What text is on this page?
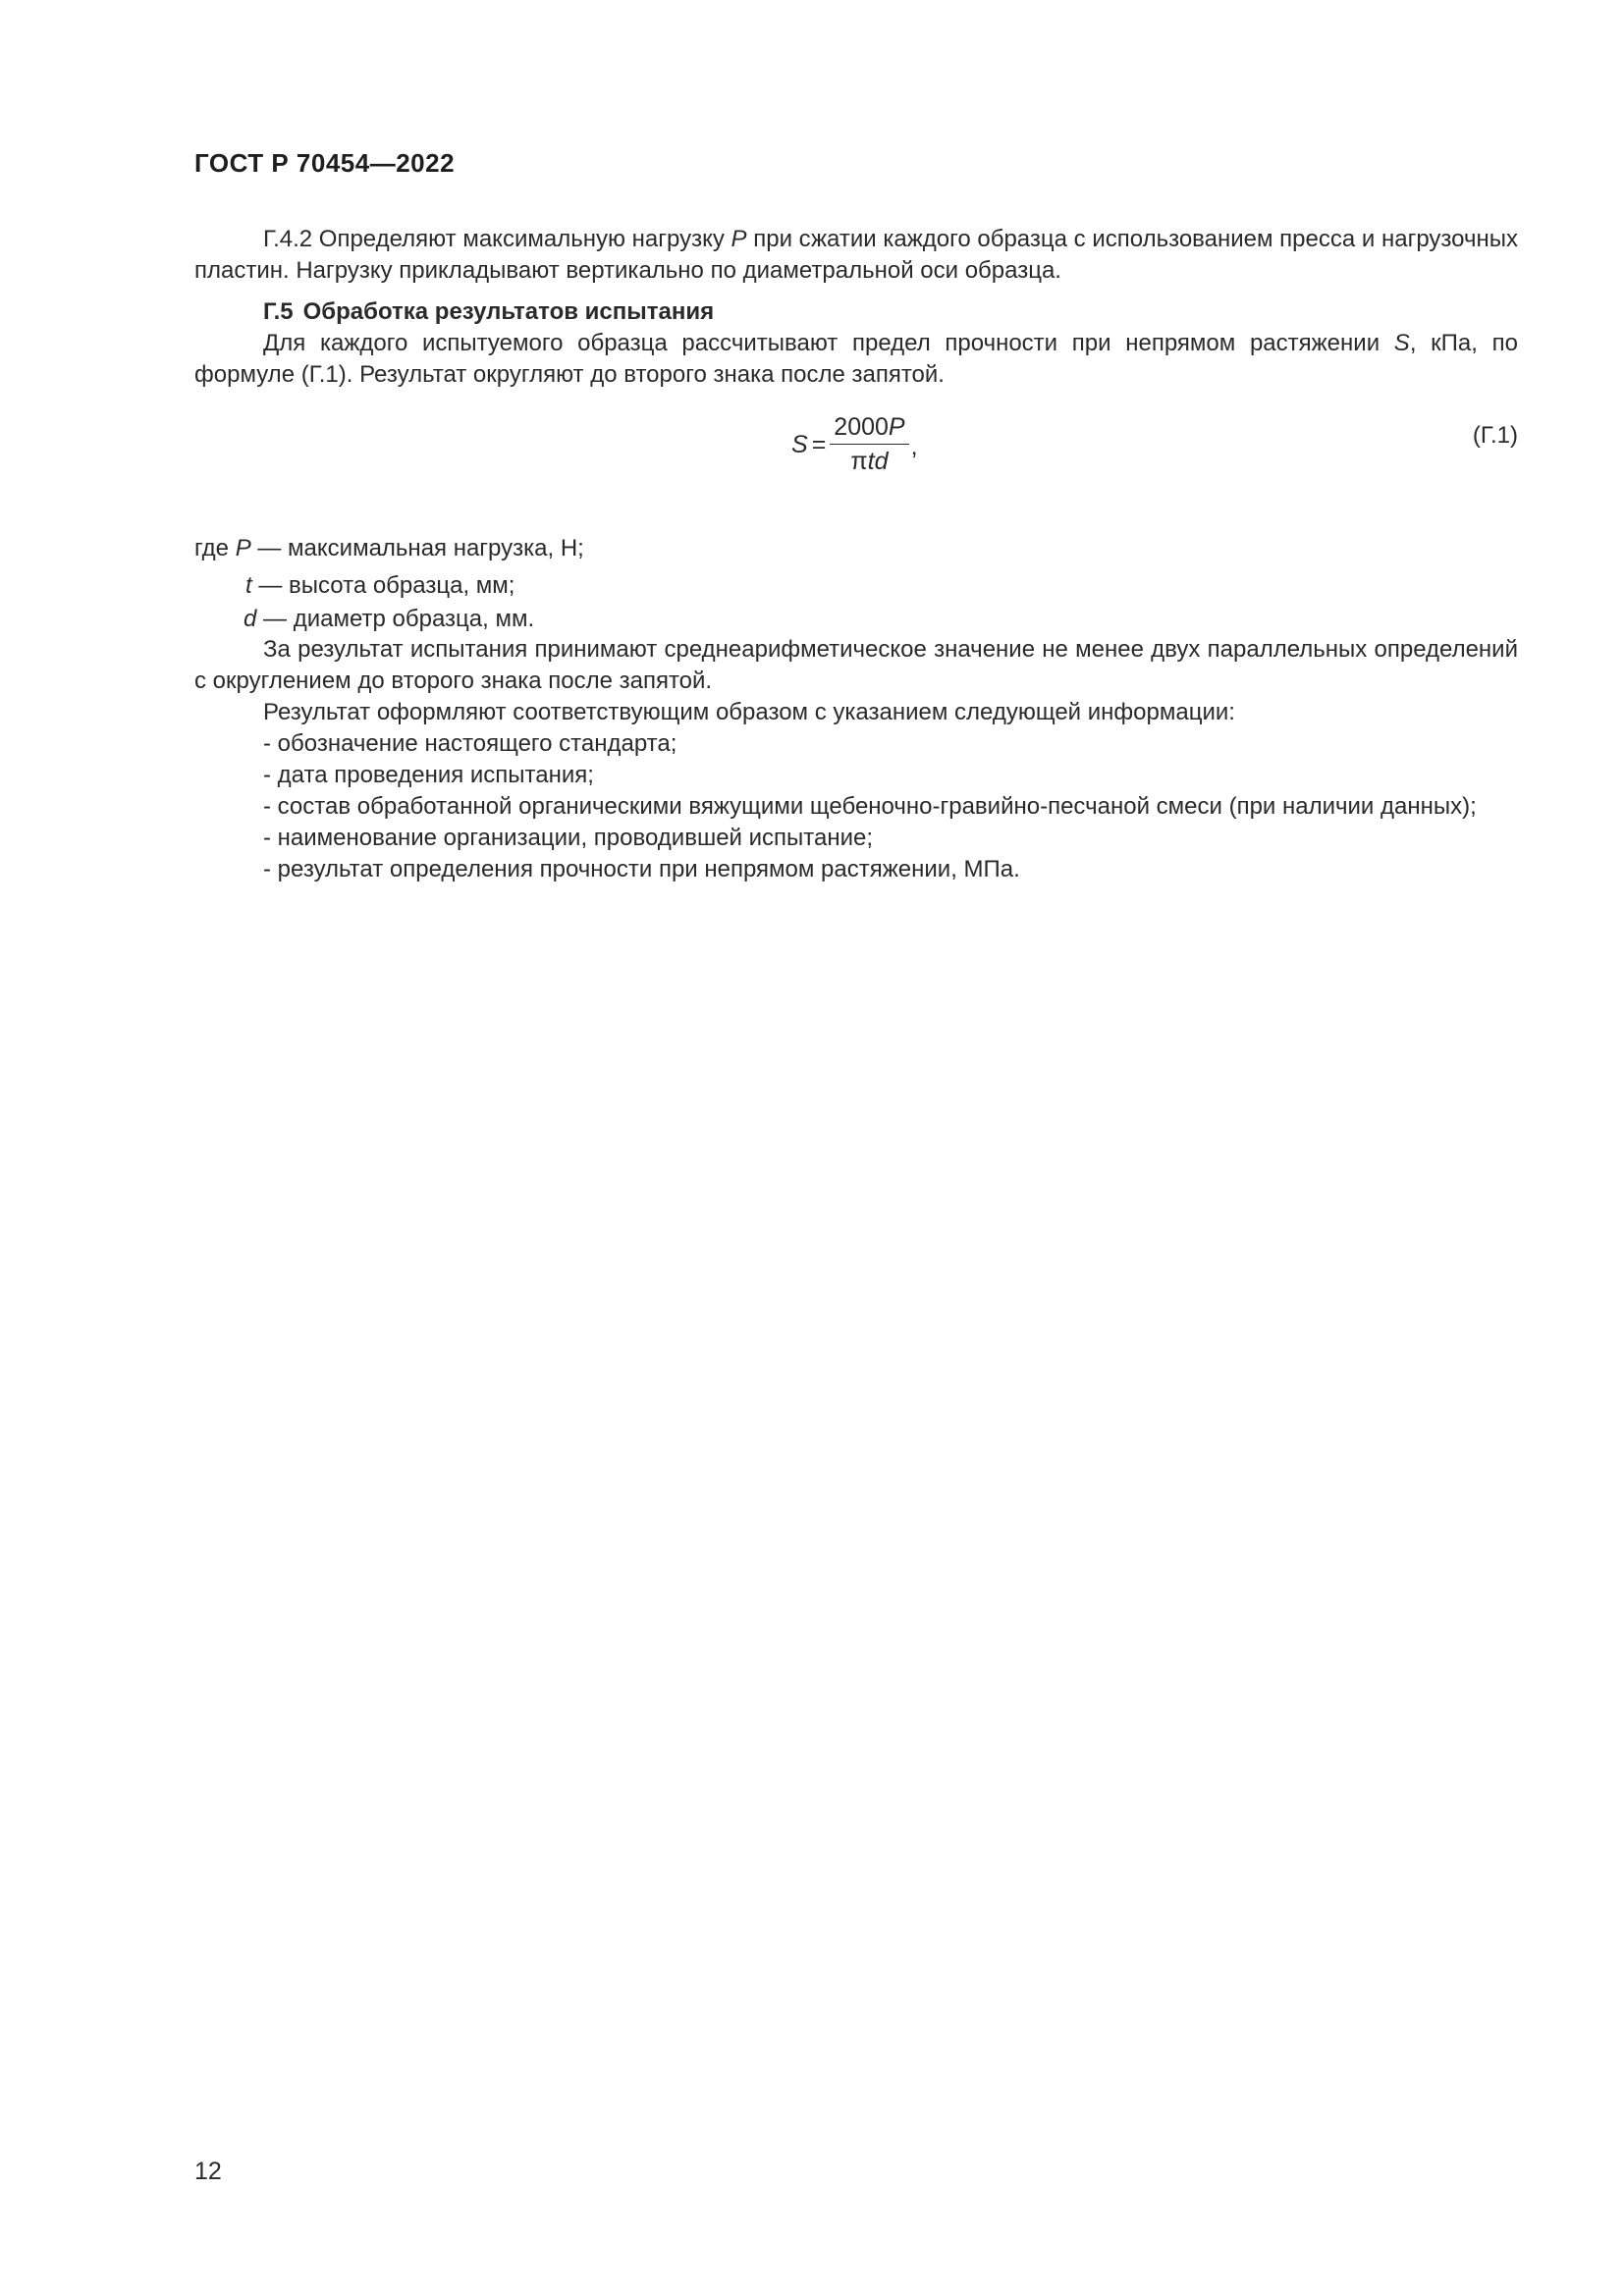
ГОСТ Р 70454—2022

Г.4.2 Определяют максимальную нагрузку P при сжатии каждого образца с использованием пресса и нагрузочных пластин. Нагрузку прикладывают вертикально по диаметральной оси образца.

Г.5 Обработка результатов испытания

Для каждого испытуемого образца рассчитывают предел прочности при непрямом растяжении S, кПа, по формуле (Г.1). Результат округляют до второго знака после запятой.

$S = \frac{2000P}{\text{πtd}}$ ,	(Г.1)
где P — максимальная нагрузка, Н;
t — высота образца, мм;
d — диаметр образца, мм.

За результат испытания принимают среднеарифметическое значение не менее двух параллельных определений с округлением до второго знака после запятой.

Результат оформляют соответствующим образом с указанием следующей информации:

- обозначение настоящего стандарта;

- дата проведения испытания;

- состав обработанной органическими вяжущими щебеночно-гравийно-песчаной смеси (при наличии данных);

- наименование организации, проводившей испытание;

- результат определения прочности при непрямом растяжении, МПа.

12
